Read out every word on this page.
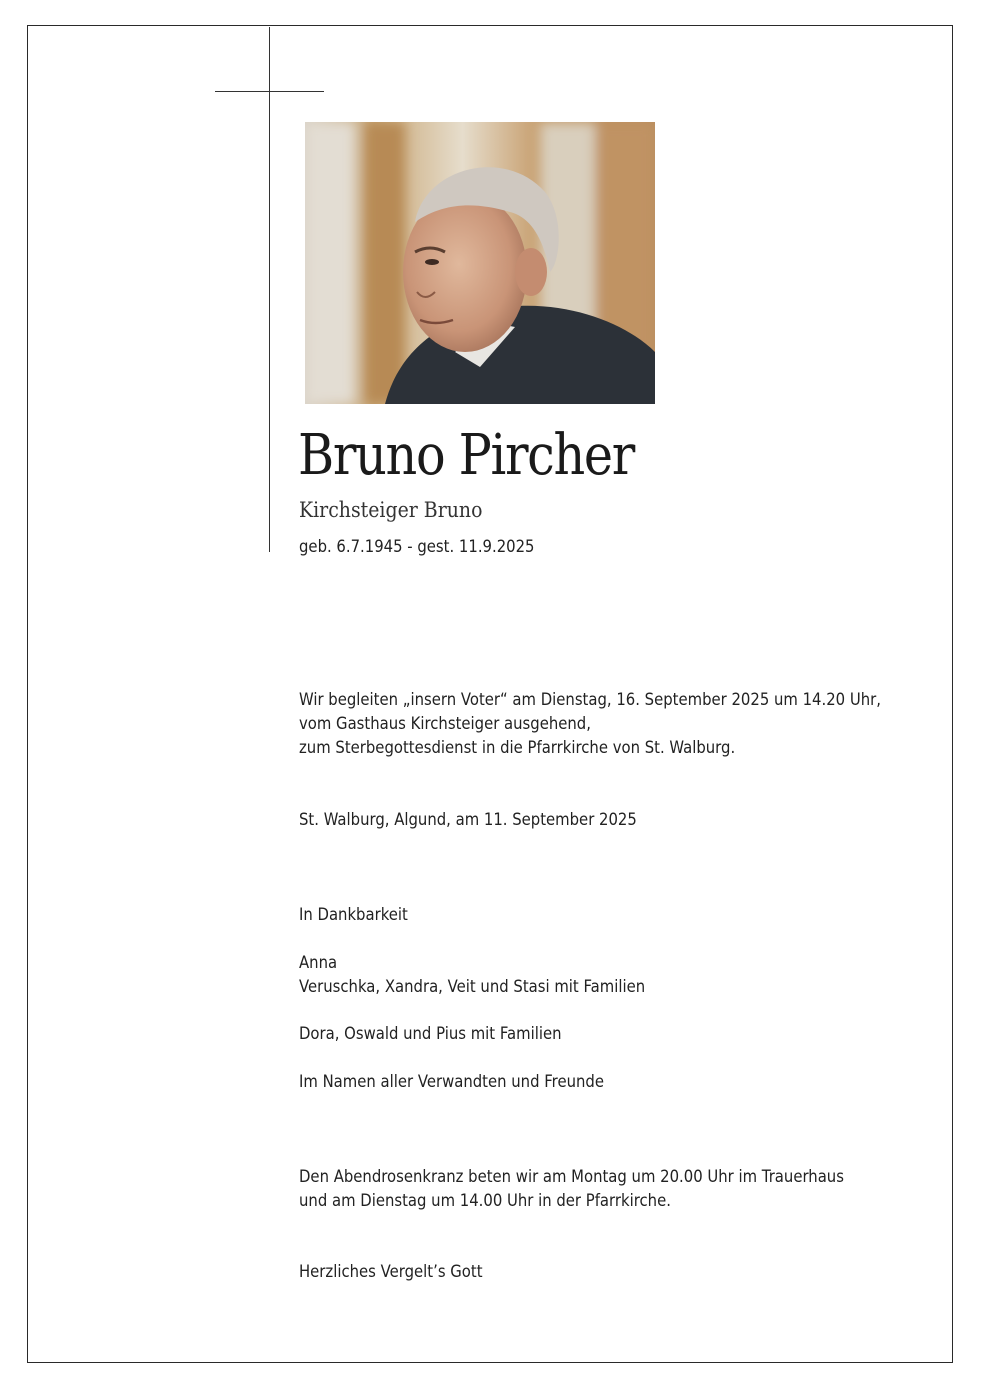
Bruno Pircher
Kirchsteiger Bruno
geb. 6.7.1945 - gest. 11.9.2025
Wir begleiten „insern Voter“ am Dienstag, 16. September 2025 um 14.20 Uhr,
vom Gasthaus Kirchsteiger ausgehend,
zum Sterbegottesdienst in die Pfarrkirche von St. Walburg.
St. Walburg, Algund, am 11. September 2025
In Dankbarkeit
Anna
Veruschka, Xandra, Veit und Stasi mit Familien
Dora, Oswald und Pius mit Familien
Im Namen aller Verwandten und Freunde
Den Abendrosenkranz beten wir am Montag um 20.00 Uhr im Trauerhaus
und am Dienstag um 14.00 Uhr in der Pfarrkirche.
Herzliches Vergelt’s Gott
